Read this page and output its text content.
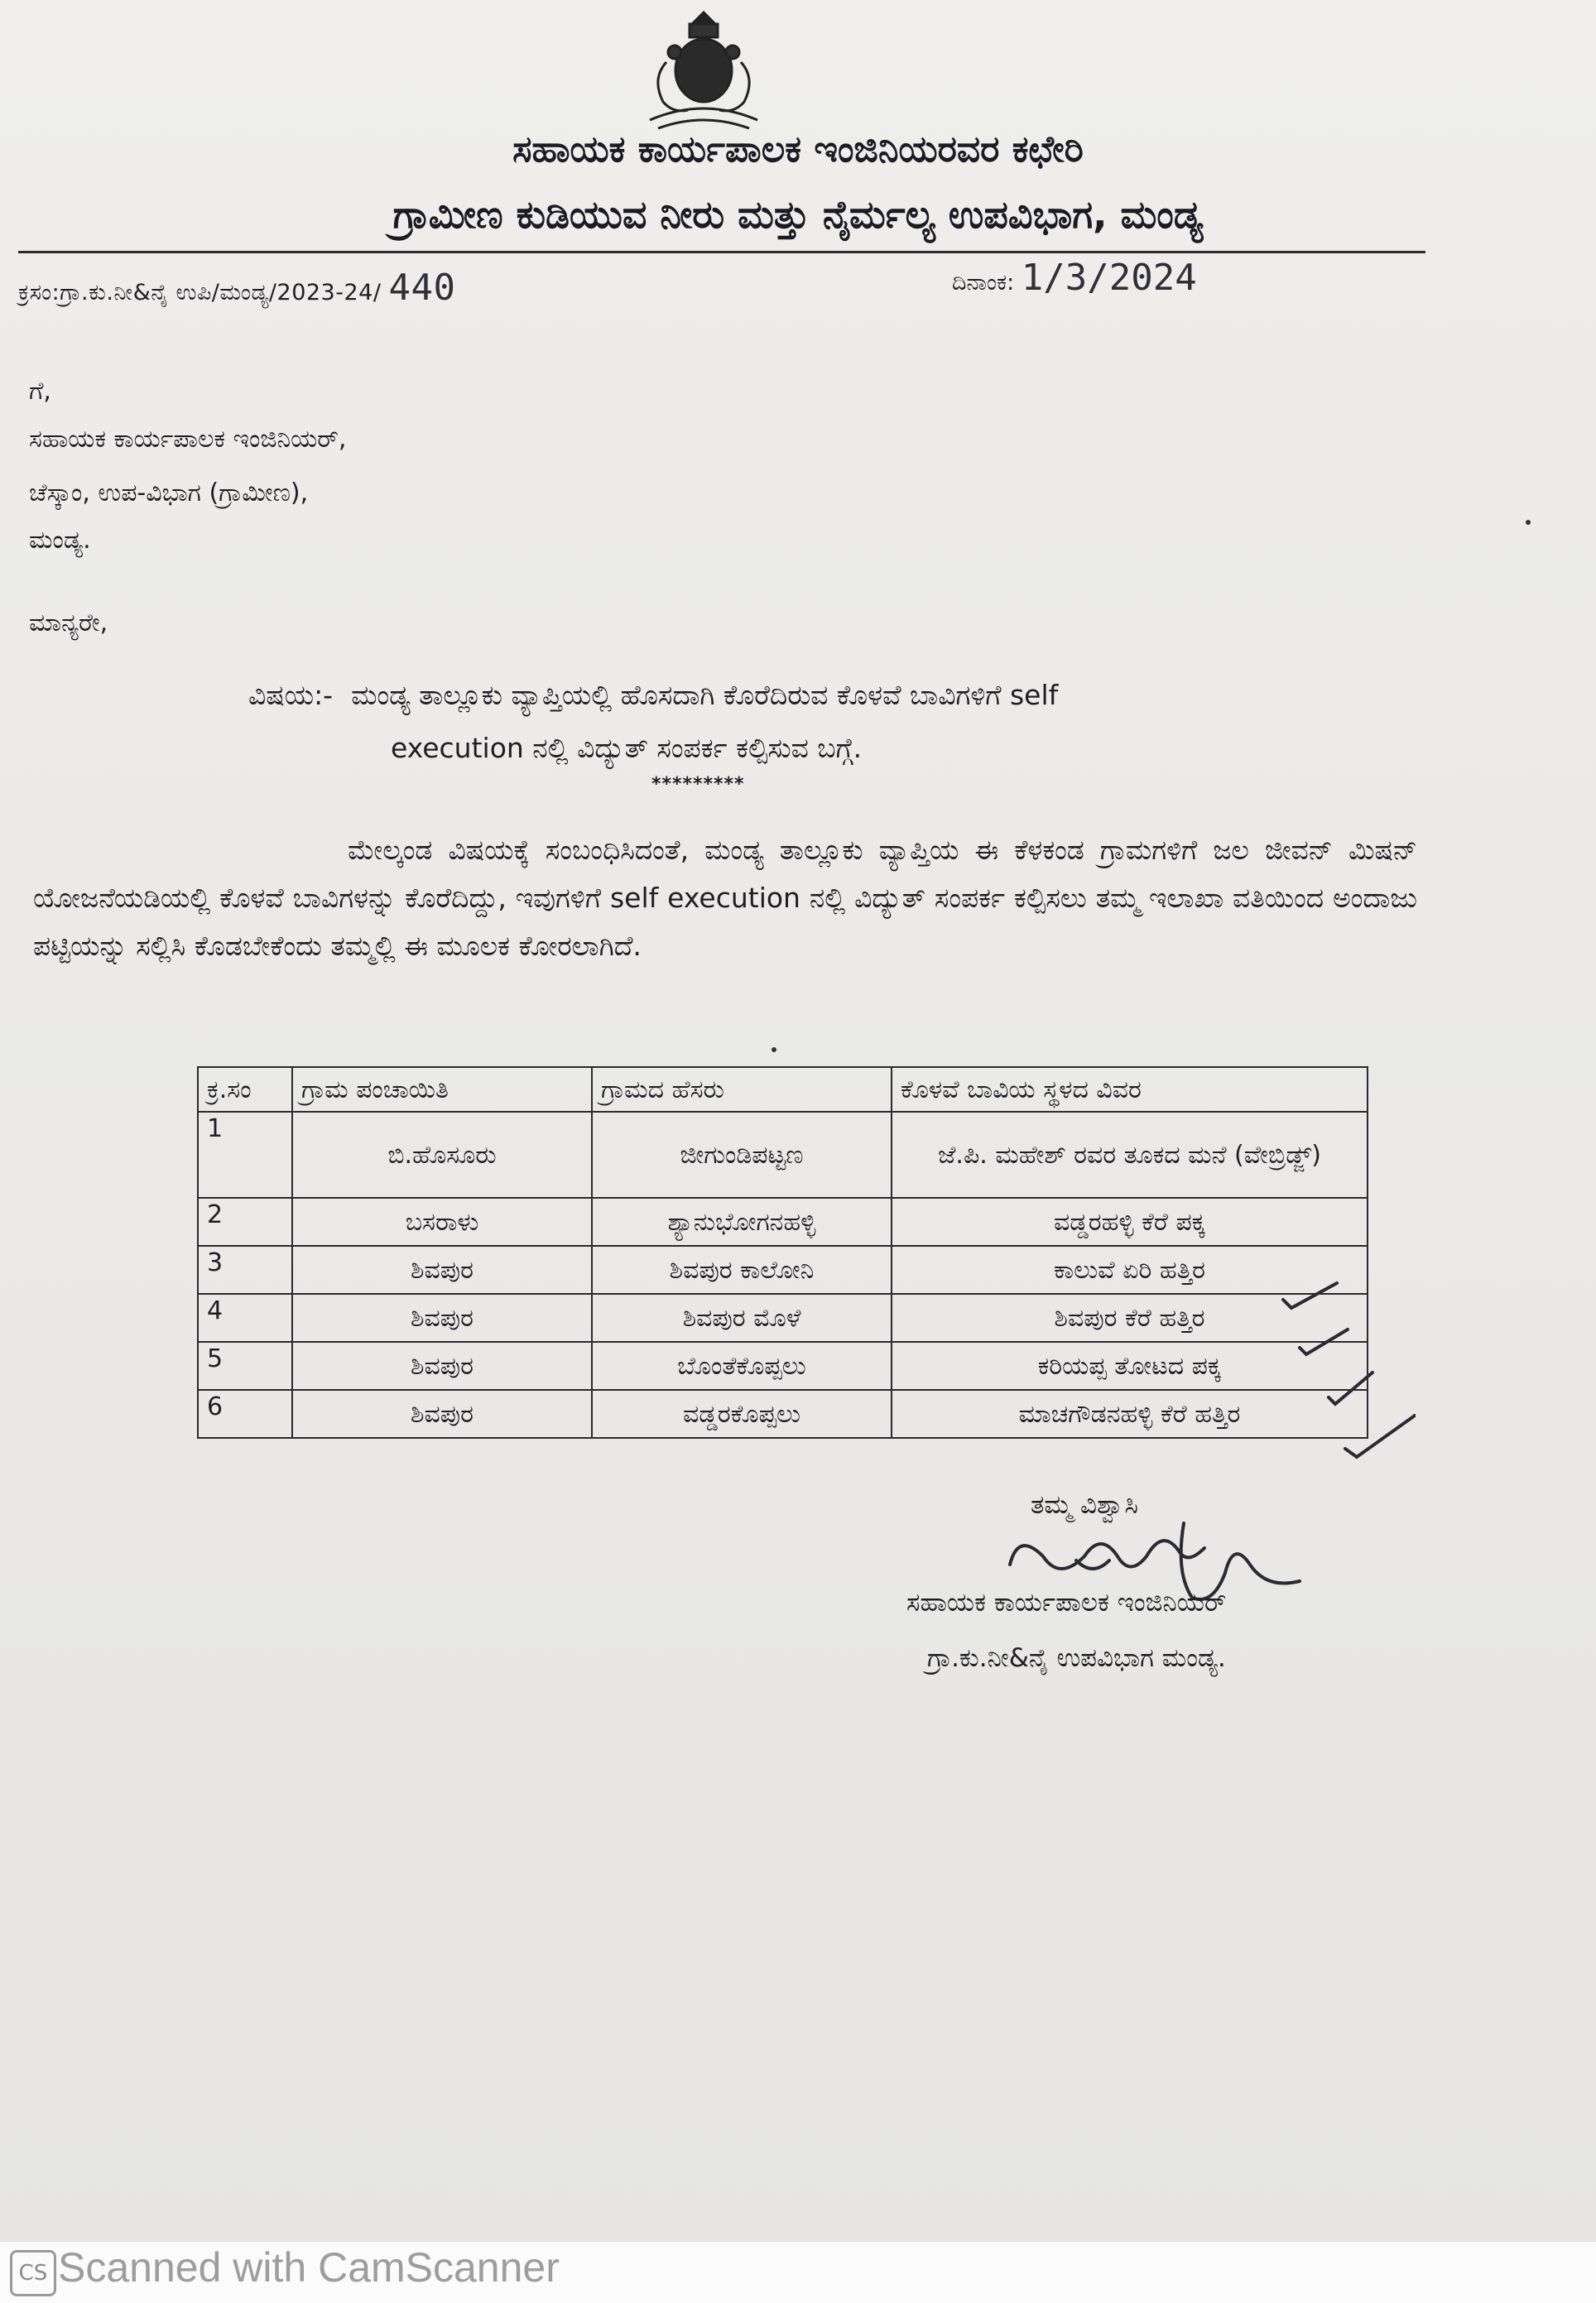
ಸಹಾಯಕ ಕಾರ್ಯಪಾಲಕ ಇಂಜಿನಿಯರವರ ಕಛೇರಿ
ಗ್ರಾಮೀಣ ಕುಡಿಯುವ ನೀರು ಮತ್ತು ನೈರ್ಮಲ್ಯ ಉಪವಿಭಾಗ, ಮಂಡ್ಯ
ಕ್ರಸಂ:ಗ್ರಾ.ಕು.ನೀ&ನೈ ಉಪಿ/ಮಂಡ್ಯ/2023-24/ 440	ದಿನಾಂಕ: 1/3/2024
ಗೆ,
ಸಹಾಯಕ ಕಾರ್ಯಪಾಲಕ ಇಂಜಿನಿಯರ್,
ಚೆಸ್ಕಾಂ, ಉಪ-ವಿಭಾಗ (ಗ್ರಾಮೀಣ),
ಮಂಡ್ಯ.
ಮಾನ್ಯರೇ,
ವಿಷಯ:- ಮಂಡ್ಯ ತಾಲ್ಲೂಕು ವ್ಯಾಪ್ತಿಯಲ್ಲಿ ಹೊಸದಾಗಿ ಕೊರೆದಿರುವ ಕೊಳವೆ ಬಾವಿಗಳಿಗೆ self
execution ನಲ್ಲಿ ವಿದ್ಯುತ್ ಸಂಪರ್ಕ ಕಲ್ಪಿಸುವ ಬಗ್ಗೆ.
*********
ಮೇಲ್ಕಂಡ ವಿಷಯಕ್ಕೆ ಸಂಬಂಧಿಸಿದಂತೆ, ಮಂಡ್ಯ ತಾಲ್ಲೂಕು ವ್ಯಾಪ್ತಿಯ ಈ ಕೆಳಕಂಡ ಗ್ರಾಮಗಳಿಗೆ ಜಲ ಜೀವನ್ ಮಿಷನ್ ಯೋಜನೆಯಡಿಯಲ್ಲಿ ಕೊಳವೆ ಬಾವಿಗಳನ್ನು ಕೊರೆದಿದ್ದು, ಇವುಗಳಿಗೆ self execution ನಲ್ಲಿ ವಿದ್ಯುತ್ ಸಂಪರ್ಕ ಕಲ್ಪಿಸಲು ತಮ್ಮ ಇಲಾಖಾ ವತಿಯಿಂದ ಅಂದಾಜು ಪಟ್ಟಿಯನ್ನು ಸಲ್ಲಿಸಿ ಕೊಡಬೇಕೆಂದು ತಮ್ಮಲ್ಲಿ ಈ ಮೂಲಕ ಕೋರಲಾಗಿದೆ.
ಕ್ರ.ಸಂ	ಗ್ರಾಮ ಪಂಚಾಯಿತಿ	ಗ್ರಾಮದ ಹೆಸರು	ಕೊಳವೆ ಬಾವಿಯ ಸ್ಥಳದ ವಿವರ
1	ಬಿ.ಹೊಸೂರು	ಜೀಗುಂಡಿಪಟ್ಟಣ	ಜೆ.ಪಿ. ಮಹೇಶ್ ರವರ ತೂಕದ ಮನೆ (ವೇಬ್ರಿಡ್ಜ್)
2	ಬಸರಾಳು	ಶ್ಯಾನುಭೋಗನಹಳ್ಳಿ	ವಡ್ಡರಹಳ್ಳಿ ಕೆರೆ ಪಕ್ಕ
3	ಶಿವಪುರ	ಶಿವಪುರ ಕಾಲೋನಿ	ಕಾಲುವೆ ಏರಿ ಹತ್ತಿರ
4	ಶಿವಪುರ	ಶಿವಪುರ ಮೊಳೆ	ಶಿವಪುರ ಕೆರೆ ಹತ್ತಿರ
5	ಶಿವಪುರ	ಬೊಂತೆಕೊಪ್ಪಲು	ಕರಿಯಪ್ಪ ತೋಟದ ಪಕ್ಕ
6	ಶಿವಪುರ	ವಡ್ಡರಕೊಪ್ಪಲು	ಮಾಚಗೌಡನಹಳ್ಳಿ ಕೆರೆ ಹತ್ತಿರ
ತಮ್ಮ ವಿಶ್ವಾಸಿ
ಸಹಾಯಕ ಕಾರ್ಯಪಾಲಕ ಇಂಜಿನಿಯರ್
ಗ್ರಾ.ಕು.ನೀ&ನೈ ಉಪವಿಭಾಗ ಮಂಡ್ಯ.
CS Scanned with CamScanner
